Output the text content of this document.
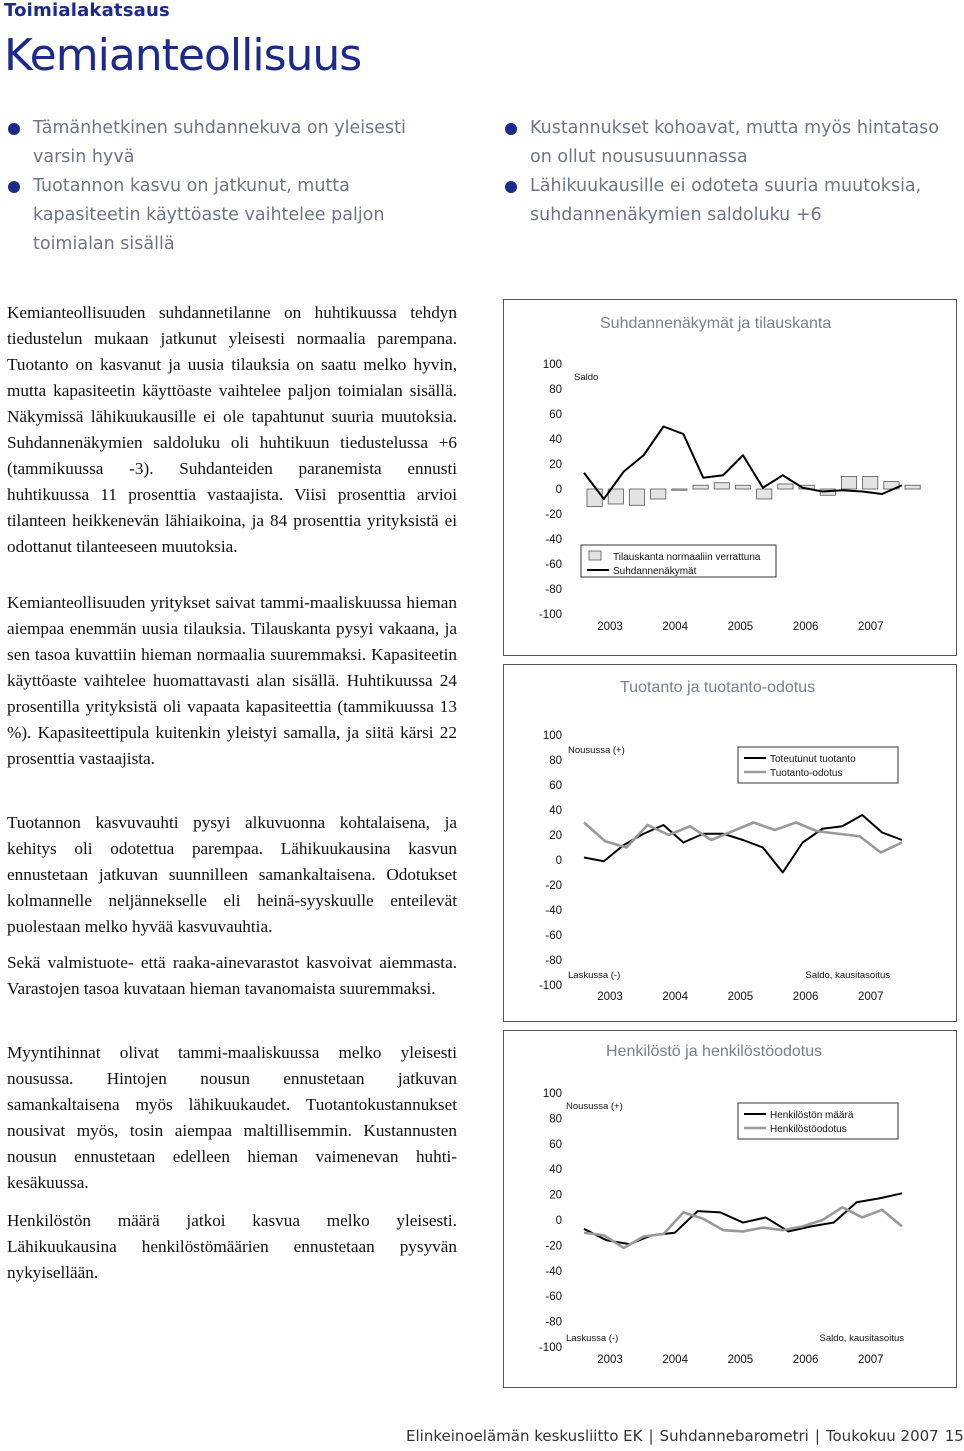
Toimialakatsaus
Kemianteollisuus
Tämänhetkinen suhdannekuva on yleisesti varsin hyvä
Tuotannon kasvu on jatkunut, mutta kapasiteetin käyttöaste vaihtelee paljon toimialan sisällä
Kustannukset kohoavat, mutta myös hintataso on ollut noususuunnassa
Lähikuukausille ei odoteta suuria muutoksia, suhdannenäkymien saldoluku +6

Kemianteollisuuden suhdannetilanne on huhtikuussa tehdyn tiedustelun mukaan jatkunut yleisesti normaalia parempana. Tuotanto on kasvanut ja uusia tilauksia on saatu melko hyvin, mutta kapasiteetin käyttöaste vaihtelee paljon toimialan sisällä. Näkymissä lähikuukausille ei ole tapahtunut suuria muutoksia. Suhdannenäkymien saldoluku oli huhtikuun tiedustelussa +6 (tammikuussa -3). Suhdanteiden paranemista ennusti huhtikuussa 11 prosenttia vastaajista. Viisi prosenttia arvioi tilanteen heikkenevän lähiaikoina, ja 84 prosenttia yrityksistä ei odottanut tilanteeseen muutoksia.

Kemianteollisuuden yritykset saivat tammi-maaliskuussa hieman aiempaa enemmän uusia tilauksia. Tilauskanta pysyi vakaana, ja sen tasoa kuvattiin hieman normaalia suuremmaksi. Kapasiteetin käyttöaste vaihtelee huomattavasti alan sisällä. Huhtikuussa 24 prosentilla yrityksistä oli vapaata kapasiteettia (tammikuussa 13 %). Kapasiteettipula kuitenkin yleistyi samalla, ja siitä kärsi 22 prosenttia vastaajista.

Tuotannon kasvuvauhti pysyi alkuvuonna kohtalaisena, ja kehitys oli odotettua parempaa. Lähikuukausina kasvun ennustetaan jatkuvan suunnilleen samankaltaisena. Odotukset kolmannelle neljännekselle eli heinä-syyskuulle enteilevät puolestaan melko hyvää kasvuvauhtia.

Sekä valmistuote- että raaka-ainevarastot kasvoivat aiemmasta. Varastojen tasoa kuvataan hieman tavanomaista suuremmaksi.

Myyntihinnat olivat tammi-maaliskuussa melko yleisesti nousussa. Hintojen nousun ennustetaan jatkuvan samankaltaisena myös lähikuukaudet. Tuotantokustannukset nousivat myös, tosin aiempaa maltillisemmin. Kustannusten nousun ennustetaan edelleen hieman vaimenevan huhti-kesäkuussa.

Henkilöstön määrä jatkoi kasvua melko yleisesti. Lähikuukausina henkilöstömäärien ennustetaan pysyvän nykyisellään.

Suhdannenäkymät ja tilauskanta
100
80
60
40
20
0
-20
-40
-60
-80
-100
2003	2004	2005	2006	2007
Saldo
Tilauskanta normaaliin verrattuna
Suhdannenäkymät
Tuotanto ja tuotanto-odotus
100
80
60
40
20
0
-20
-40
-60
-80
-100
2003	2004	2005	2006	2007
Nousussa (+)
Laskussa (-)	Saldo, kausitasoitus
Toteutunut tuotanto
Tuotanto-odotus
Henkilöstö ja henkilöstöodotus
100
80
60
40
20
0
-20
-40
-60
-80
-100
2003	2004	2005	2006	2007
Nousussa (+)
Laskussa (-)	Saldo, kausitasoitus
Henkilöstön määrä
Henkilöstöodotus
Elinkeinoelämän keskusliitto EK | Suhdannebarometri | Toukokuu 2007 15
